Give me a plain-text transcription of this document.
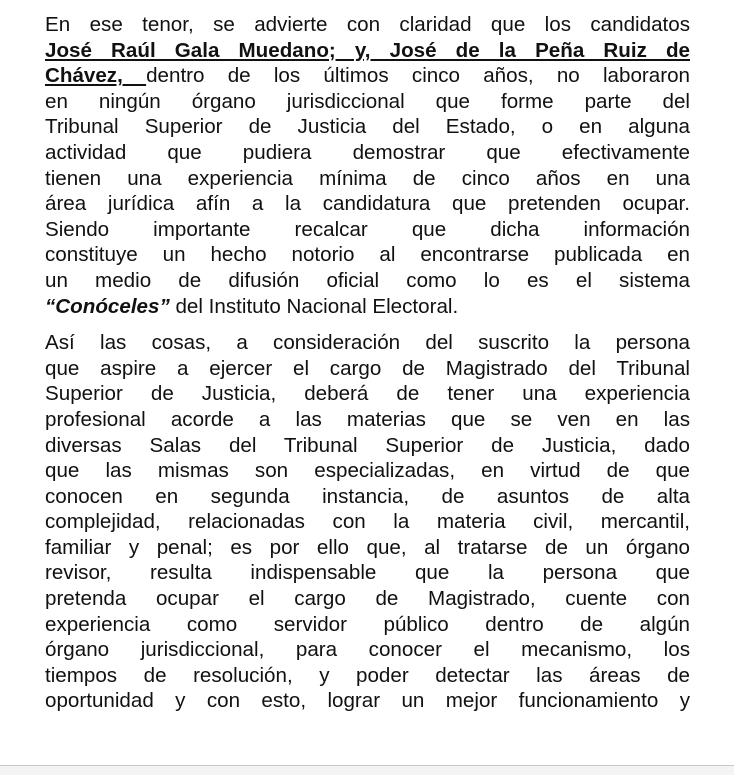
En ese tenor, se advierte con claridad que los candidatos
José Raúl Gala Muedano; y, José de la Peña Ruiz de
Chávez, dentro de los últimos cinco años, no laboraron
en ningún órgano jurisdiccional que forme parte del
Tribunal Superior de Justicia del Estado, o en alguna
actividad que pudiera demostrar que efectivamente
tienen una experiencia mínima de cinco años en una
área jurídica afín a la candidatura que pretenden ocupar.
Siendo importante recalcar que dicha información
constituye un hecho notorio al encontrarse publicada en
un medio de difusión oficial como lo es el sistema
“Conóceles” del Instituto Nacional Electoral.
Así las cosas, a consideración del suscrito la persona
que aspire a ejercer el cargo de Magistrado del Tribunal
Superior de Justicia, deberá de tener una experiencia
profesional acorde a las materias que se ven en las
diversas Salas del Tribunal Superior de Justicia, dado
que las mismas son especializadas, en virtud de que
conocen en segunda instancia, de asuntos de alta
complejidad, relacionadas con la materia civil, mercantil,
familiar y penal; es por ello que, al tratarse de un órgano
revisor, resulta indispensable que la persona que
pretenda ocupar el cargo de Magistrado, cuente con
experiencia como servidor público dentro de algún
órgano jurisdiccional, para conocer el mecanismo, los
tiempos de resolución, y poder detectar las áreas de
oportunidad y con esto, lograr un mejor funcionamiento y
